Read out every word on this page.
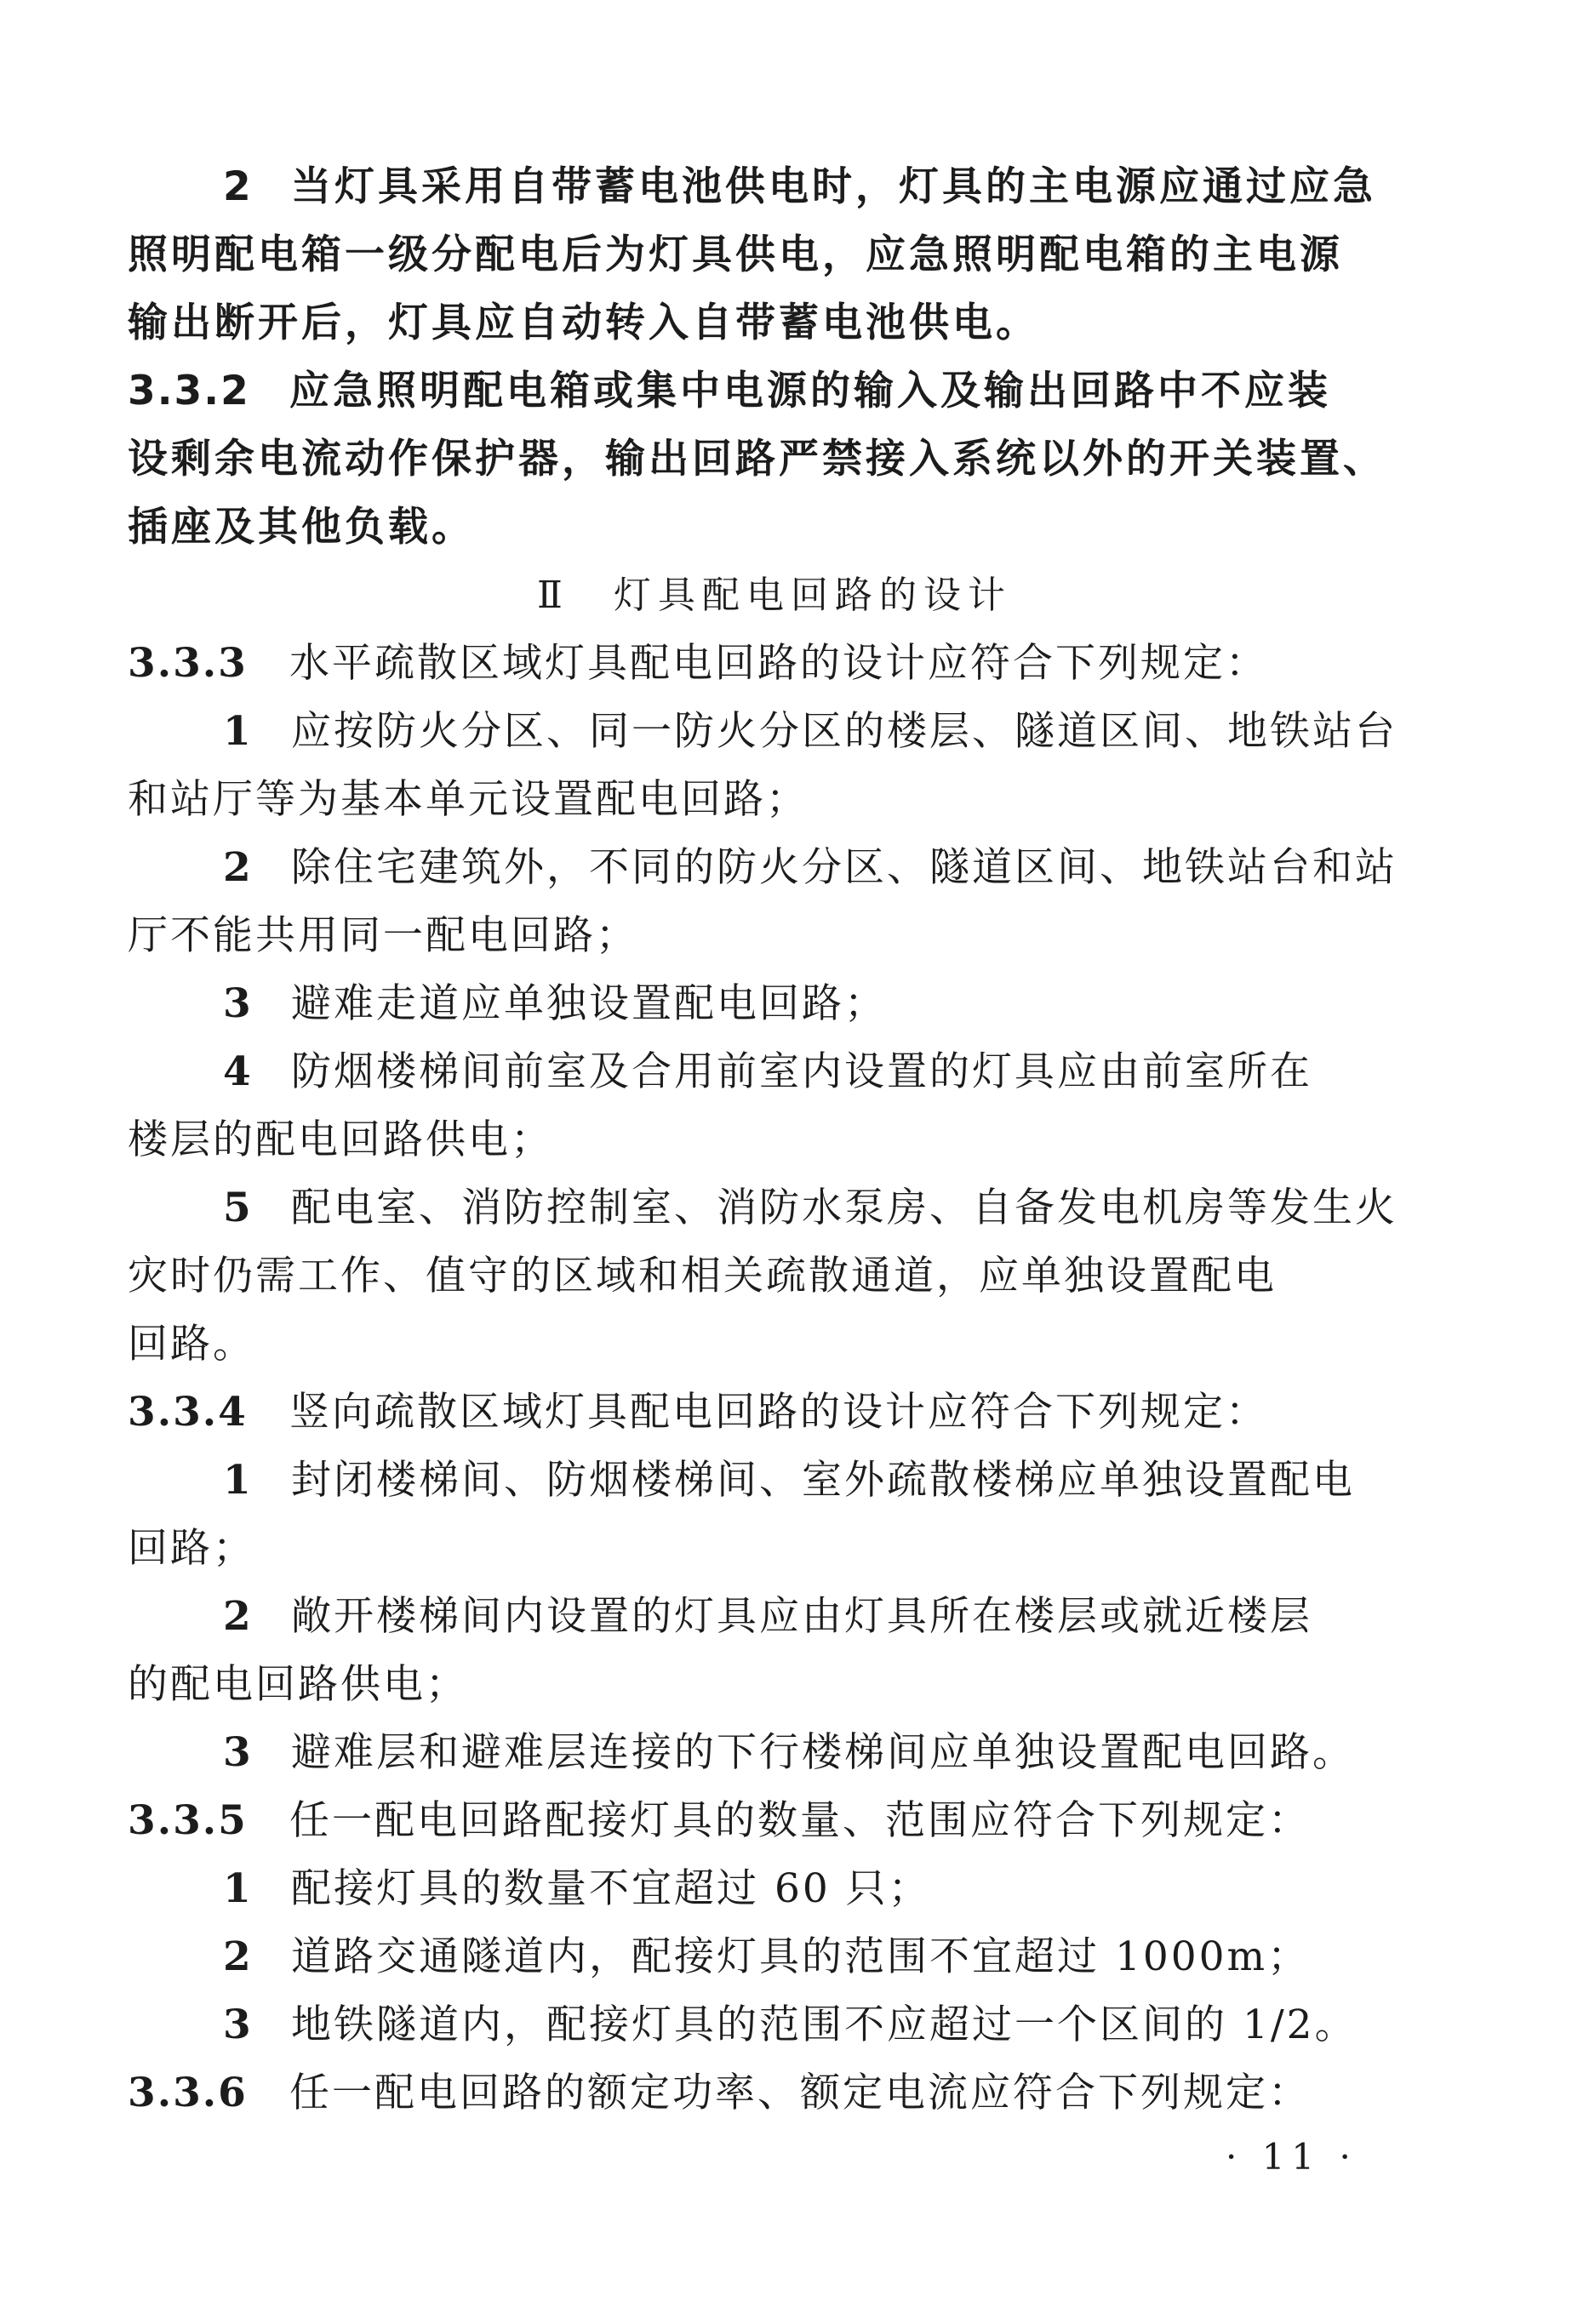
2 当灯具采用自带蓄电池供电时，灯具的主电源应通过应急
照明配电箱一级分配电后为灯具供电，应急照明配电箱的主电源
输出断开后，灯具应自动转入自带蓄电池供电。
3.3.2 应急照明配电箱或集中电源的输入及输出回路中不应装
设剩余电流动作保护器，输出回路严禁接入系统以外的开关装置、
插座及其他负载。
Ⅱ　灯具配电回路的设计
3.3.3 水平疏散区域灯具配电回路的设计应符合下列规定：
1 应按防火分区、同一防火分区的楼层、隧道区间、地铁站台
和站厅等为基本单元设置配电回路；
2 除住宅建筑外，不同的防火分区、隧道区间、地铁站台和站
厅不能共用同一配电回路；
3 避难走道应单独设置配电回路；
4 防烟楼梯间前室及合用前室内设置的灯具应由前室所在
楼层的配电回路供电；
5 配电室、消防控制室、消防水泵房、自备发电机房等发生火
灾时仍需工作、值守的区域和相关疏散通道，应单独设置配电
回路。
3.3.4 竖向疏散区域灯具配电回路的设计应符合下列规定：
1 封闭楼梯间、防烟楼梯间、室外疏散楼梯应单独设置配电
回路；
2 敞开楼梯间内设置的灯具应由灯具所在楼层或就近楼层
的配电回路供电；
3 避难层和避难层连接的下行楼梯间应单独设置配电回路。
3.3.5 任一配电回路配接灯具的数量、范围应符合下列规定：
1 配接灯具的数量不宜超过 60 只；
2 道路交通隧道内，配接灯具的范围不宜超过 1000m；
3 地铁隧道内，配接灯具的范围不应超过一个区间的 1/2。
3.3.6 任一配电回路的额定功率、额定电流应符合下列规定：
· 11 ·
